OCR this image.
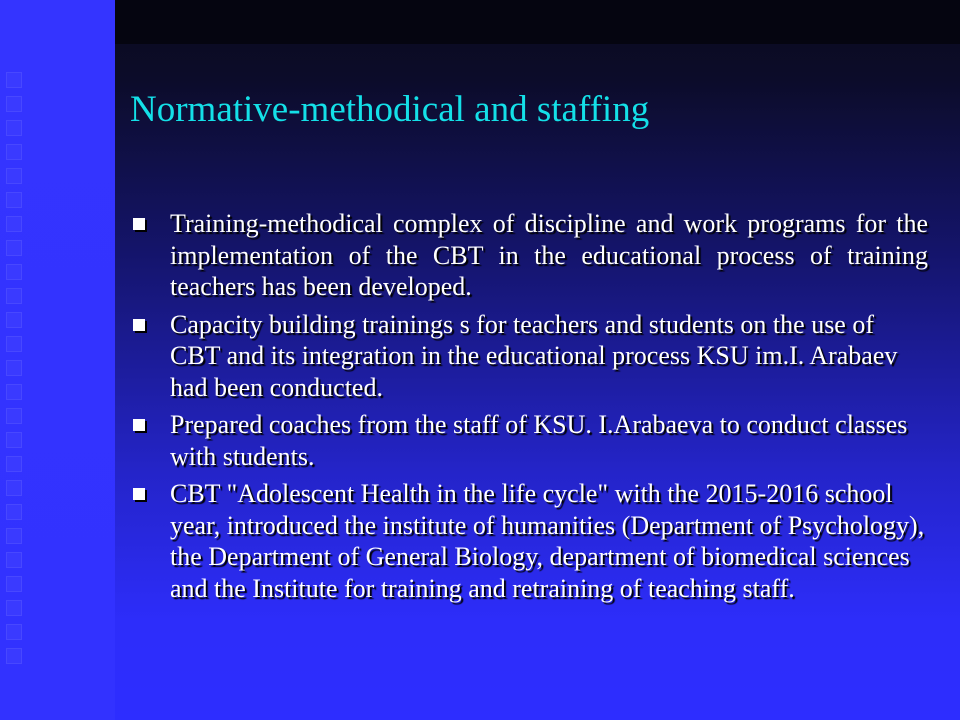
Normative-methodical and staffing
Training-methodical complex of discipline and work programs for the implementation of the CBT in the educational process of training teachers has been developed.
Capacity building trainings s for teachers and students on the use of CBT and its integration in the educational process KSU im.I. Arabaev had been conducted.
Prepared coaches from the staff of KSU. I.Arabaeva to conduct classes with students.
CBT "Adolescent Health in the life cycle" with the 2015-2016 school year, introduced the institute of humanities (Department of Psychology), the Department of General Biology, department of biomedical sciences and the Institute for training and retraining of teaching staff.
